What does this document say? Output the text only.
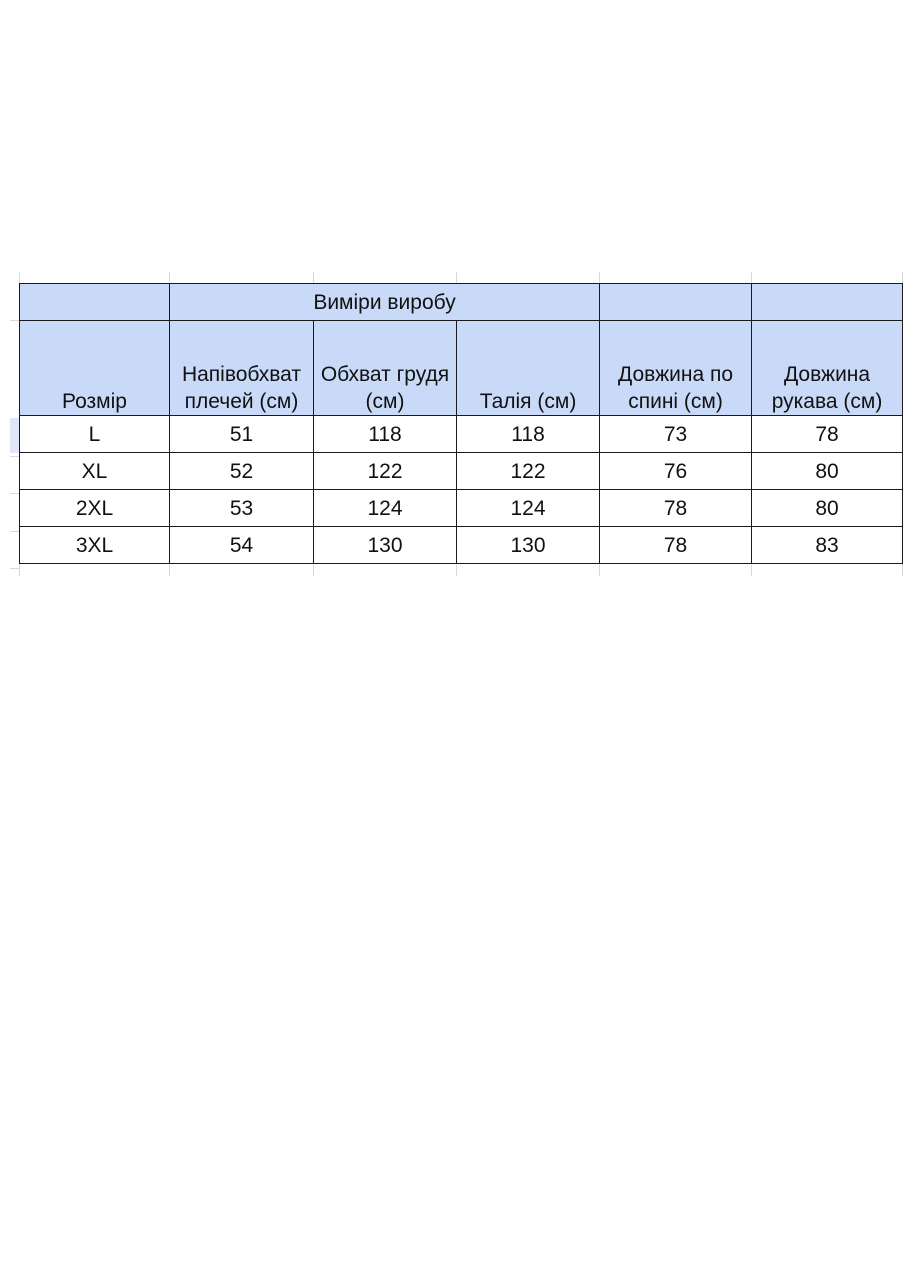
	Виміри виробу				

Розмір	Напівобхват плечей (см)	Обхват грудя (см)	Талія (см)	Довжина по спині (см)	Довжина рукава (см)

L	51	118	118	73	78
XL	52	122	122	76	80
2XL	53	124	124	78	80
3XL	54	130	130	78	83
